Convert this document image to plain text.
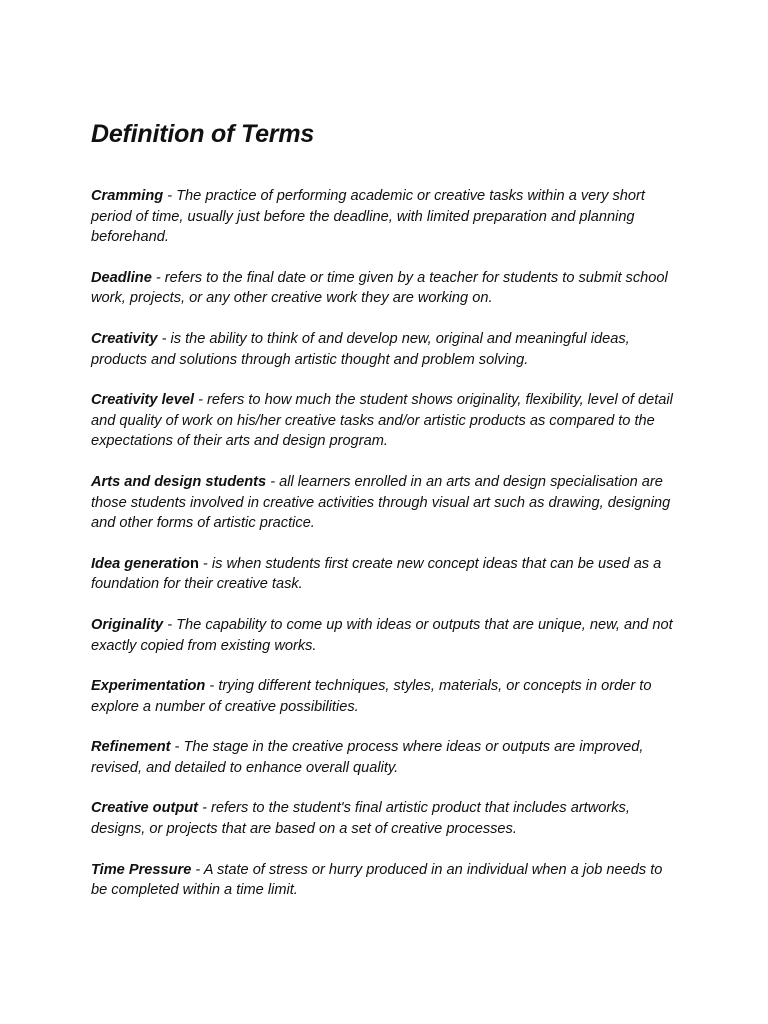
Definition of Terms

Cramming - The practice of performing academic or creative tasks within a very short period of time, usually just before the deadline, with limited preparation and planning beforehand.

Deadline - refers to the final date or time given by a teacher for students to submit school work, projects, or any other creative work they are working on.

Creativity - is the ability to think of and develop new, original and meaningful ideas, products and solutions through artistic thought and problem solving.

Creativity level - refers to how much the student shows originality, flexibility, level of detail and quality of work on his/her creative tasks and/or artistic products as compared to the expectations of their arts and design program.

Arts and design students - all learners enrolled in an arts and design specialisation are those students involved in creative activities through visual art such as drawing, designing and other forms of artistic practice.

Idea generation - is when students first create new concept ideas that can be used as a foundation for their creative task.

Originality - The capability to come up with ideas or outputs that are unique, new, and not exactly copied from existing works.

Experimentation - trying different techniques, styles, materials, or concepts in order to explore a number of creative possibilities.

Refinement - The stage in the creative process where ideas or outputs are improved, revised, and detailed to enhance overall quality.

Creative output - refers to the student's final artistic product that includes artworks, designs, or projects that are based on a set of creative processes.

Time Pressure - A state of stress or hurry produced in an individual when a job needs to be completed within a time limit.
